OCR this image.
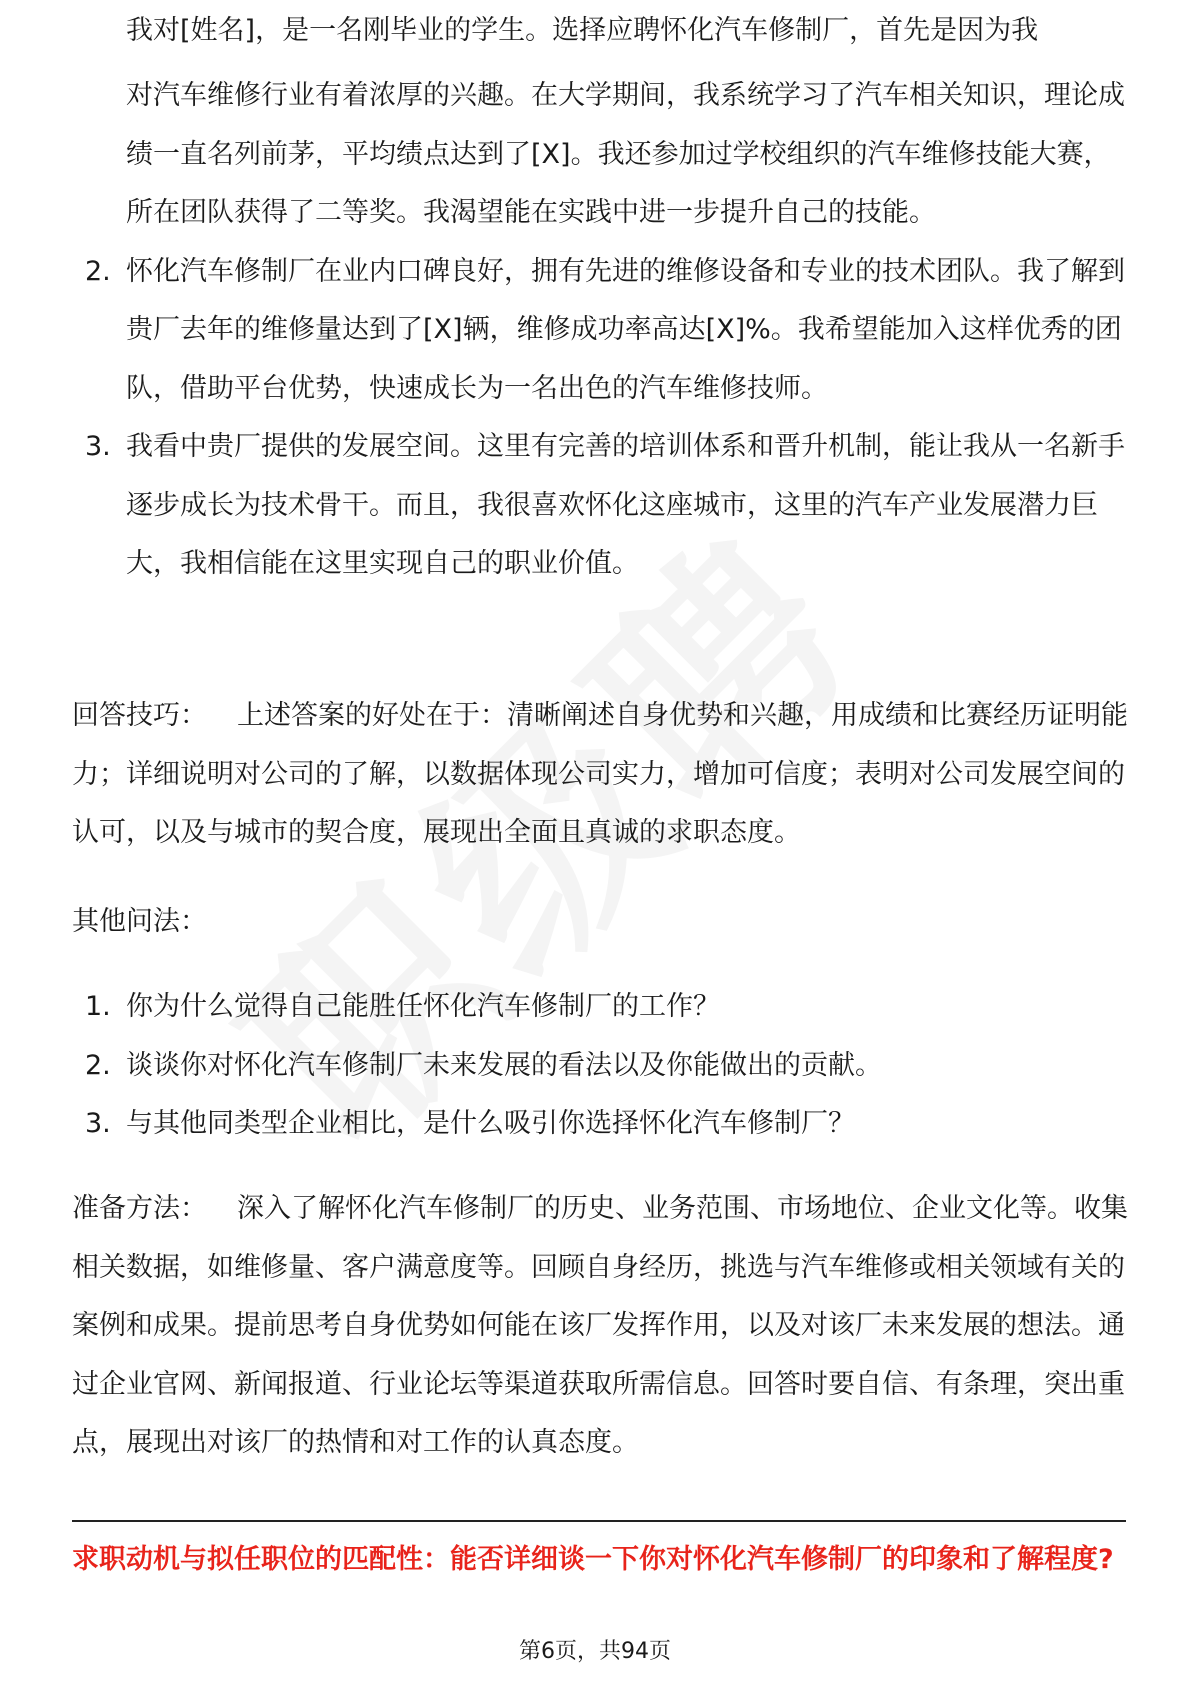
我对[姓名]，是一名刚毕业的学生。选择应聘怀化汽车修制厂，首先是因为我
对汽车维修行业有着浓厚的兴趣。在大学期间，我系统学习了汽车相关知识，理论成绩一直名列前茅，平均绩点达到了[X]。我还参加过学校组织的汽车维修技能大赛，所在团队获得了二等奖。我渴望能在实践中进一步提升自己的技能。
2. 怀化汽车修制厂在业内口碑良好，拥有先进的维修设备和专业的技术团队。我了解到贵厂去年的维修量达到了[X]辆，维修成功率高达[X]%。我希望能加入这样优秀的团队，借助平台优势，快速成长为一名出色的汽车维修技师。
3. 我看中贵厂提供的发展空间。这里有完善的培训体系和晋升机制，能让我从一名新手逐步成长为技术骨干。而且，我很喜欢怀化这座城市，这里的汽车产业发展潜力巨大，我相信能在这里实现自己的职业价值。

回答技巧： 上述答案的好处在于：清晰阐述自身优势和兴趣，用成绩和比赛经历证明能力；详细说明对公司的了解，以数据体现公司实力，增加可信度；表明对公司发展空间的认可，以及与城市的契合度，展现出全面且真诚的求职态度。

其他问法：

1. 你为什么觉得自己能胜任怀化汽车修制厂的工作？
2. 谈谈你对怀化汽车修制厂未来发展的看法以及你能做出的贡献。
3. 与其他同类型企业相比，是什么吸引你选择怀化汽车修制厂？

准备方法： 深入了解怀化汽车修制厂的历史、业务范围、市场地位、企业文化等。收集相关数据，如维修量、客户满意度等。回顾自身经历，挑选与汽车维修或相关领域有关的案例和成果。提前思考自身优势如何能在该厂发挥作用，以及对该厂未来发展的想法。通过企业官网、新闻报道、行业论坛等渠道获取所需信息。回答时要自信、有条理，突出重点，展现出对该厂的热情和对工作的认真态度。

求职动机与拟任职位的匹配性：能否详细谈一下你对怀化汽车修制厂的印象和了解程度?

第6页，共94页
